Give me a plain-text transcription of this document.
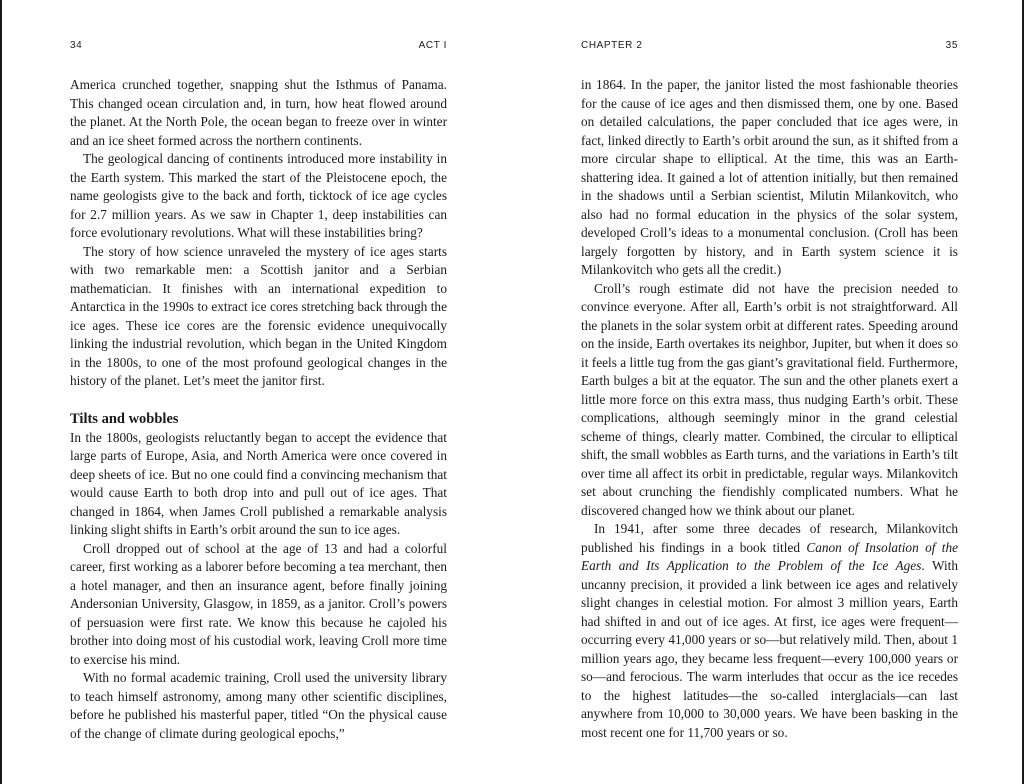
34	ACT I

America crunched together, snapping shut the Isthmus of Panama. This changed ocean circulation and, in turn, how heat flowed around the planet. At the North Pole, the ocean began to freeze over in winter and an ice sheet formed across the northern continents.

The geological dancing of continents introduced more instability in the Earth system. This marked the start of the Pleistocene epoch, the name geologists give to the back and forth, ticktock of ice age cycles for 2.7 million years. As we saw in Chapter 1, deep instabilities can force evolutionary revolutions. What will these instabilities bring?

The story of how science unraveled the mystery of ice ages starts with two remarkable men: a Scottish janitor and a Serbian mathematician. It finishes with an international expedition to Antarctica in the 1990s to extract ice cores stretching back through the ice ages. These ice cores are the forensic evidence unequivocally linking the industrial revolution, which began in the United Kingdom in the 1800s, to one of the most profound geological changes in the history of the planet. Let’s meet the janitor first.

Tilts and wobbles

In the 1800s, geologists reluctantly began to accept the evidence that large parts of Europe, Asia, and North America were once covered in deep sheets of ice. But no one could find a convincing mechanism that would cause Earth to both drop into and pull out of ice ages. That changed in 1864, when James Croll published a remarkable analysis linking slight shifts in Earth’s orbit around the sun to ice ages.

Croll dropped out of school at the age of 13 and had a colorful career, first working as a laborer before becoming a tea merchant, then a hotel manager, and then an insurance agent, before finally joining Andersonian University, Glasgow, in 1859, as a janitor. Croll’s powers of persuasion were first rate. We know this because he cajoled his brother into doing most of his custodial work, leaving Croll more time to exercise his mind.

With no formal academic training, Croll used the university library to teach himself astronomy, among many other scientific disciplines, before he published his masterful paper, titled “On the physical cause of the change of climate during geological epochs,”

CHAPTER 2	35

in 1864. In the paper, the janitor listed the most fashionable theories for the cause of ice ages and then dismissed them, one by one. Based on detailed calculations, the paper concluded that ice ages were, in fact, linked directly to Earth’s orbit around the sun, as it shifted from a more circular shape to elliptical. At the time, this was an Earth-shattering idea. It gained a lot of attention initially, but then remained in the shadows until a Serbian scientist, Milutin Milankovitch, who also had no formal education in the physics of the solar system, developed Croll’s ideas to a monumental conclusion. (Croll has been largely forgotten by history, and in Earth system science it is Milankovitch who gets all the credit.)

Croll’s rough estimate did not have the precision needed to convince everyone. After all, Earth’s orbit is not straightforward. All the planets in the solar system orbit at different rates. Speeding around on the inside, Earth overtakes its neighbor, Jupiter, but when it does so it feels a little tug from the gas giant’s gravitational field. Furthermore, Earth bulges a bit at the equator. The sun and the other planets exert a little more force on this extra mass, thus nudging Earth’s orbit. These complications, although seemingly minor in the grand celestial scheme of things, clearly matter. Combined, the circular to elliptical shift, the small wobbles as Earth turns, and the variations in Earth’s tilt over time all affect its orbit in predictable, regular ways. Milankovitch set about crunching the fiendishly complicated numbers. What he discovered changed how we think about our planet.

In 1941, after some three decades of research, Milankovitch published his findings in a book titled Canon of Insolation of the Earth and Its Application to the Problem of the Ice Ages. With uncanny precision, it provided a link between ice ages and relatively slight changes in celestial motion. For almost 3 million years, Earth had shifted in and out of ice ages. At first, ice ages were frequent—occurring every 41,000 years or so—but relatively mild. Then, about 1 million years ago, they became less frequent—every 100,000 years or so—and ferocious. The warm interludes that occur as the ice recedes to the highest latitudes—the so-called interglacials—can last anywhere from 10,000 to 30,000 years. We have been basking in the most recent one for 11,700 years or so.
